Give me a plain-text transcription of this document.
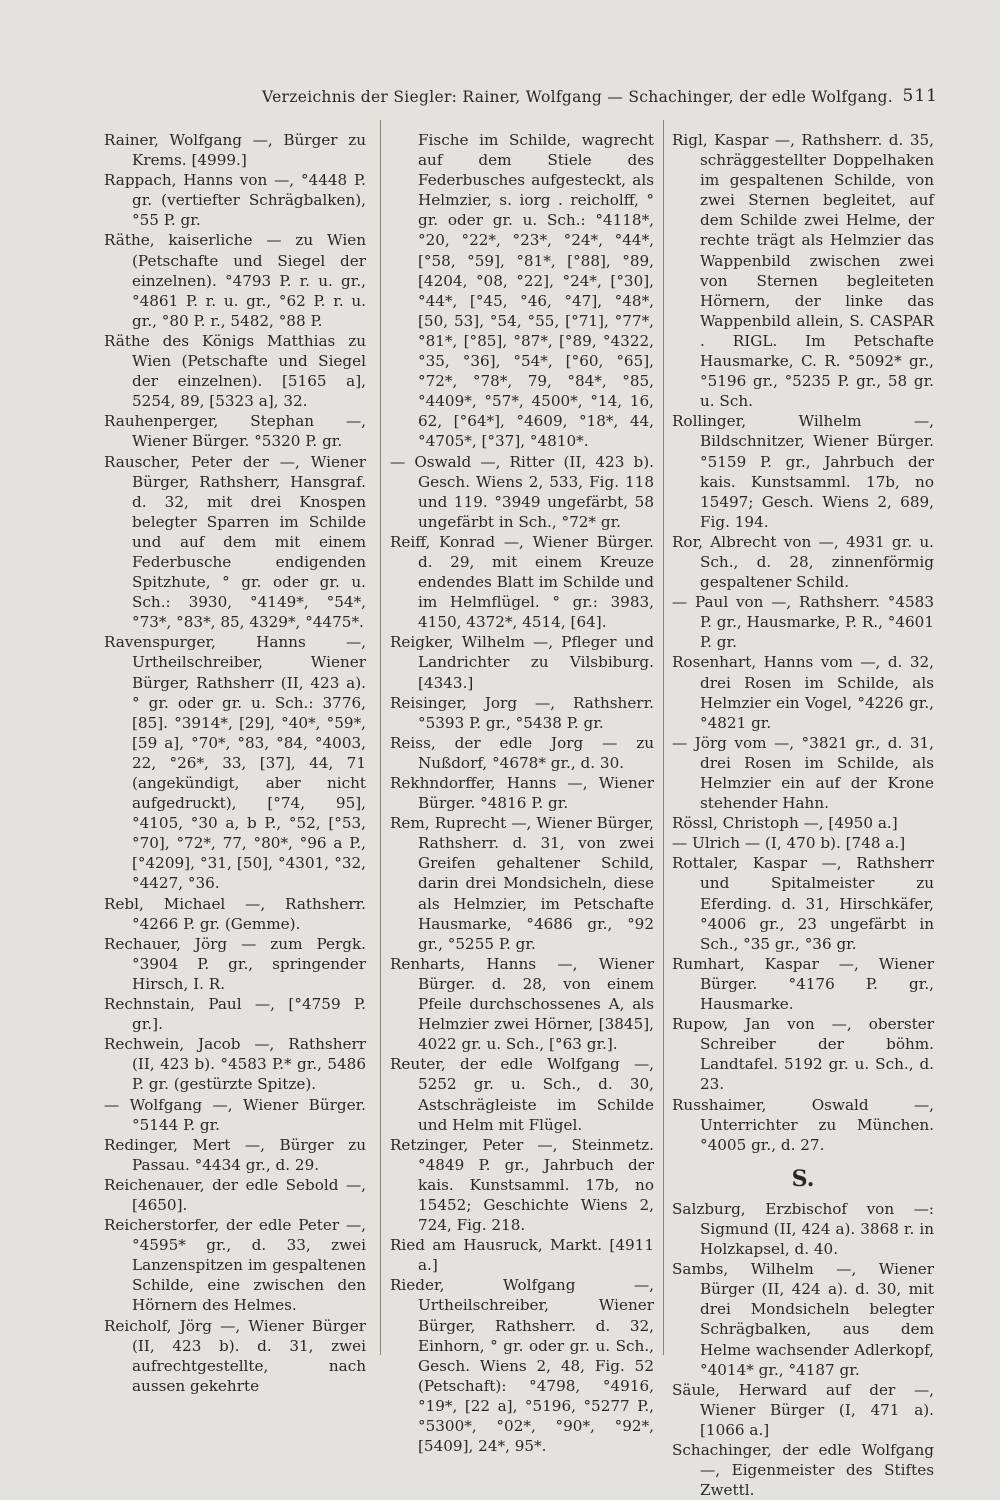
Verzeichnis der Siegler: Rainer, Wolfgang — Schachinger, der edle Wolfgang. 511
Rainer, Wolfgang —, Bürger zu Krems. [4999.]
Rappach, Hanns von —, °4448 P. gr. (vertiefter Schrägbalken), °55 P. gr.
Räthe, kaiserliche — zu Wien (Petschafte und Siegel der einzelnen). °4793 P. r. u. gr., °4861 P. r. u. gr., °62 P. r. u. gr., °80 P. r., 5482, °88 P.
Räthe des Königs Matthias zu Wien (Petschafte und Siegel der einzelnen). [5165 a], 5254, 89, [5323 a], 32.
Rauhenperger, Stephan —, Wiener Bürger. °5320 P. gr.
Rauscher, Peter der —, Wiener Bürger, Rathsherr, Hansgraf. d. 32, mit drei Knospen belegter Sparren im Schilde und auf dem mit einem Federbusche endigenden Spitzhute, ° gr. oder gr. u. Sch.: 3930, °4149*, °54*, °73*, °83*, 85, 4329*, °4475*.
Ravenspurger, Hanns —, Urtheilschreiber, Wiener Bürger, Rathsherr (II, 423 a). ° gr. oder gr. u. Sch.: 3776, [85]. °3914*, [29], °40*, °59*, [59 a], °70*, °83, °84, °4003, 22, °26*, 33, [37], 44, 71 (angekündigt, aber nicht aufgedruckt), [°74, 95], °4105, °30 a, b P., °52, [°53, °70], °72*, 77, °80*, °96 a P., [°4209], °31, [50], °4301, °32, °4427, °36.
Rebl, Michael —, Rathsherr. °4266 P. gr. (Gemme).
Rechauer, Jörg — zum Pergk. °3904 P. gr., springender Hirsch, I. R.
Rechnstain, Paul —, [°4759 P. gr.].
Rechwein, Jacob —, Rathsherr (II, 423 b). °4583 P.* gr., 5486 P. gr. (gestürzte Spitze).
— Wolfgang —, Wiener Bürger. °5144 P. gr.
Redinger, Mert —, Bürger zu Passau. °4434 gr., d. 29.
Reichenauer, der edle Sebold —, [4650].
Reicherstorfer, der edle Peter —, °4595* gr., d. 33, zwei Lanzenspitzen im gespaltenen Schilde, eine zwischen den Hörnern des Helmes.
Reicholf, Jörg —, Wiener Bürger (II, 423 b). d. 31, zwei aufrechtgestellte, nach aussen gekehrte
Fische im Schilde, wagrecht auf dem Stiele des Federbusches aufgesteckt, als Helmzier, s. iorg . reicholff, ° gr. oder gr. u. Sch.: °4118*, °20, °22*, °23*, °24*, °44*, [°58, °59], °81*, [°88], °89, [4204, °08, °22], °24*, [°30], °44*, [°45, °46, °47], °48*, [50, 53], °54, °55, [°71], °77*, °81*, [°85], °87*, [°89, °4322, °35, °36], °54*, [°60, °65], °72*, °78*, 79, °84*, °85, °4409*, °57*, 4500*, °14, 16, 62, [°64*], °4609, °18*, 44, °4705*, [°37], °4810*.
— Oswald —, Ritter (II, 423 b). Gesch. Wiens 2, 533, Fig. 118 und 119. °3949 ungefärbt, 58 ungefärbt in Sch., °72* gr.
Reiff, Konrad —, Wiener Bürger. d. 29, mit einem Kreuze endendes Blatt im Schilde und im Helmflügel. ° gr.: 3983, 4150, 4372*, 4514, [64].
Reigker, Wilhelm —, Pfleger und Landrichter zu Vilsbiburg. [4343.]
Reisinger, Jorg —, Rathsherr. °5393 P. gr., °5438 P. gr.
Reiss, der edle Jorg — zu Nußdorf, °4678* gr., d. 30.
Rekhndorffer, Hanns —, Wiener Bürger. °4816 P. gr.
Rem, Ruprecht —, Wiener Bürger, Rathsherr. d. 31, von zwei Greifen gehaltener Schild, darin drei Mondsicheln, diese als Helmzier, im Petschafte Hausmarke, °4686 gr., °92 gr., °5255 P. gr.
Renharts, Hanns —, Wiener Bürger. d. 28, von einem Pfeile durchschossenes A, als Helmzier zwei Hörner, [3845], 4022 gr. u. Sch., [°63 gr.].
Reuter, der edle Wolfgang —, 5252 gr. u. Sch., d. 30, Astschrägleiste im Schilde und Helm mit Flügel.
Retzinger, Peter —, Steinmetz. °4849 P. gr., Jahrbuch der kais. Kunstsamml. 17b, no 15452; Geschichte Wiens 2, 724, Fig. 218.
Ried am Hausruck, Markt. [4911 a.]
Rieder, Wolfgang —, Urtheilschreiber, Wiener Bürger, Rathsherr. d. 32, Einhorn, ° gr. oder gr. u. Sch., Gesch. Wiens 2, 48, Fig. 52 (Petschaft): °4798, °4916, °19*, [22 a], °5196, °5277 P., °5300*, °02*, °90*, °92*, [5409], 24*, 95*.
Rigl, Kaspar —, Rathsherr. d. 35, schräggestellter Doppelhaken im gespaltenen Schilde, von zwei Sternen begleitet, auf dem Schilde zwei Helme, der rechte trägt als Helmzier das Wappenbild zwischen zwei von Sternen begleiteten Hörnern, der linke das Wappenbild allein, S. CASPAR . RIGL. Im Petschafte Hausmarke, C. R. °5092* gr., °5196 gr., °5235 P. gr., 58 gr. u. Sch.
Rollinger, Wilhelm —, Bildschnitzer, Wiener Bürger. °5159 P. gr., Jahrbuch der kais. Kunstsamml. 17b, no 15497; Gesch. Wiens 2, 689, Fig. 194.
Ror, Albrecht von —, 4931 gr. u. Sch., d. 28, zinnenförmig gespaltener Schild.
— Paul von —, Rathsherr. °4583 P. gr., Hausmarke, P. R., °4601 P. gr.
Rosenhart, Hanns vom —, d. 32, drei Rosen im Schilde, als Helmzier ein Vogel, °4226 gr., °4821 gr.
— Jörg vom —, °3821 gr., d. 31, drei Rosen im Schilde, als Helmzier ein auf der Krone stehender Hahn.
Rössl, Christoph —, [4950 a.]
— Ulrich — (I, 470 b). [748 a.]
Rottaler, Kaspar —, Rathsherr und Spitalmeister zu Eferding. d. 31, Hirschkäfer, °4006 gr., 23 ungefärbt in Sch., °35 gr., °36 gr.
Rumhart, Kaspar —, Wiener Bürger. °4176 P. gr., Hausmarke.
Rupow, Jan von —, oberster Schreiber der böhm. Landtafel. 5192 gr. u. Sch., d. 23.
Russhaimer, Oswald —, Unterrichter zu München. °4005 gr., d. 27.
S.
Salzburg, Erzbischof von —: Sigmund (II, 424 a). 3868 r. in Holzkapsel, d. 40.
Sambs, Wilhelm —, Wiener Bürger (II, 424 a). d. 30, mit drei Mondsicheln belegter Schrägbalken, aus dem Helme wachsender Adlerkopf, °4014* gr., °4187 gr.
Säule, Herward auf der —, Wiener Bürger (I, 471 a). [1066 a.]
Schachinger, der edle Wolfgang —, Eigenmeister des Stiftes Zwettl.
